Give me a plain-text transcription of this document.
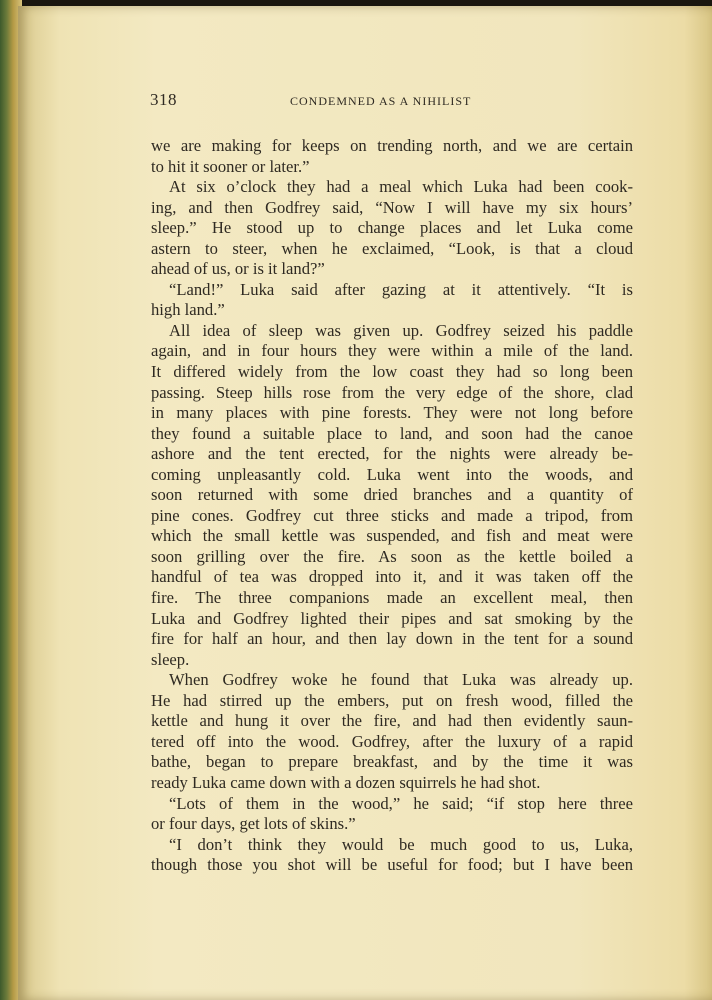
318	CONDEMNED AS A NIHILIST
we are making for keeps on trending north, and we are certain
to hit it sooner or later.”
At six o’clock they had a meal which Luka had been cook-
ing, and then Godfrey said, “Now I will have my six hours’
sleep.” He stood up to change places and let Luka come
astern to steer, when he exclaimed, “Look, is that a cloud
ahead of us, or is it land?”
“Land!” Luka said after gazing at it attentively. “It is
high land.”
All idea of sleep was given up. Godfrey seized his paddle
again, and in four hours they were within a mile of the land.
It differed widely from the low coast they had so long been
passing. Steep hills rose from the very edge of the shore, clad
in many places with pine forests. They were not long before
they found a suitable place to land, and soon had the canoe
ashore and the tent erected, for the nights were already be-
coming unpleasantly cold. Luka went into the woods, and
soon returned with some dried branches and a quantity of
pine cones. Godfrey cut three sticks and made a tripod, from
which the small kettle was suspended, and fish and meat were
soon grilling over the fire. As soon as the kettle boiled a
handful of tea was dropped into it, and it was taken off the
fire. The three companions made an excellent meal, then
Luka and Godfrey lighted their pipes and sat smoking by the
fire for half an hour, and then lay down in the tent for a sound
sleep.
When Godfrey woke he found that Luka was already up.
He had stirred up the embers, put on fresh wood, filled the
kettle and hung it over the fire, and had then evidently saun-
tered off into the wood. Godfrey, after the luxury of a rapid
bathe, began to prepare breakfast, and by the time it was
ready Luka came down with a dozen squirrels he had shot.
“Lots of them in the wood,” he said; “if stop here three
or four days, get lots of skins.”
“I don’t think they would be much good to us, Luka,
though those you shot will be useful for food; but I have been
